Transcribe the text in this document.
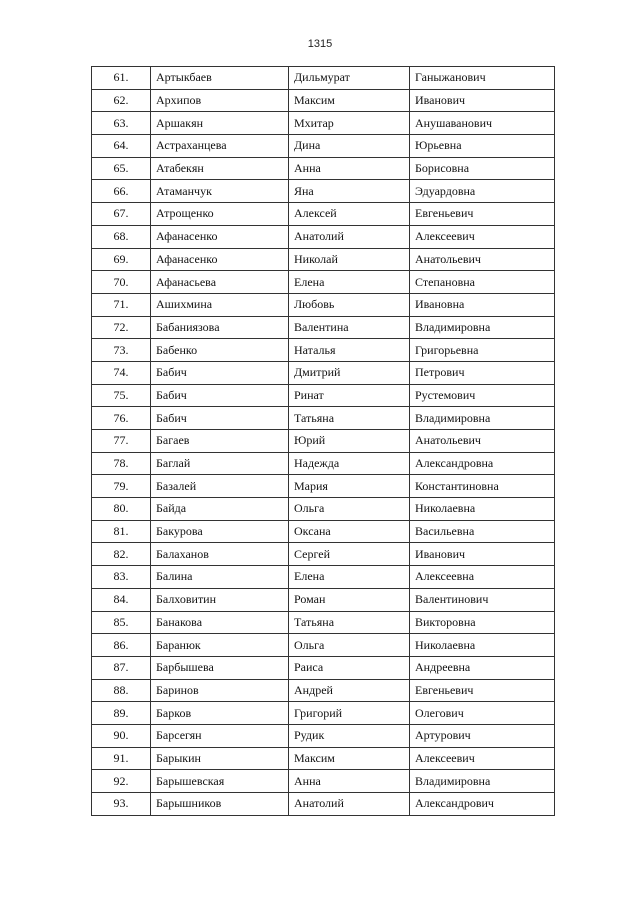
1315
61.	Артыкбаев	Дильмурат	Ганыжанович
62.	Архипов	Максим	Иванович
63.	Аршакян	Мхитар	Анушаванович
64.	Астраханцева	Дина	Юрьевна
65.	Атабекян	Анна	Борисовна
66.	Атаманчук	Яна	Эдуардовна
67.	Атрощенко	Алексей	Евгеньевич
68.	Афанасенко	Анатолий	Алексеевич
69.	Афанасенко	Николай	Анатольевич
70.	Афанасьева	Елена	Степановна
71.	Ашихмина	Любовь	Ивановна
72.	Бабаниязова	Валентина	Владимировна
73.	Бабенко	Наталья	Григорьевна
74.	Бабич	Дмитрий	Петрович
75.	Бабич	Ринат	Рустемович
76.	Бабич	Татьяна	Владимировна
77.	Багаев	Юрий	Анатольевич
78.	Баглай	Надежда	Александровна
79.	Базалей	Мария	Константиновна
80.	Байда	Ольга	Николаевна
81.	Бакурова	Оксана	Васильевна
82.	Балаханов	Сергей	Иванович
83.	Балина	Елена	Алексеевна
84.	Балховитин	Роман	Валентинович
85.	Банакова	Татьяна	Викторовна
86.	Баранюк	Ольга	Николаевна
87.	Барбышева	Раиса	Андреевна
88.	Баринов	Андрей	Евгеньевич
89.	Барков	Григорий	Олегович
90.	Барсегян	Рудик	Артурович
91.	Барыкин	Максим	Алексеевич
92.	Барышевская	Анна	Владимировна
93.	Барышников	Анатолий	Александрович
